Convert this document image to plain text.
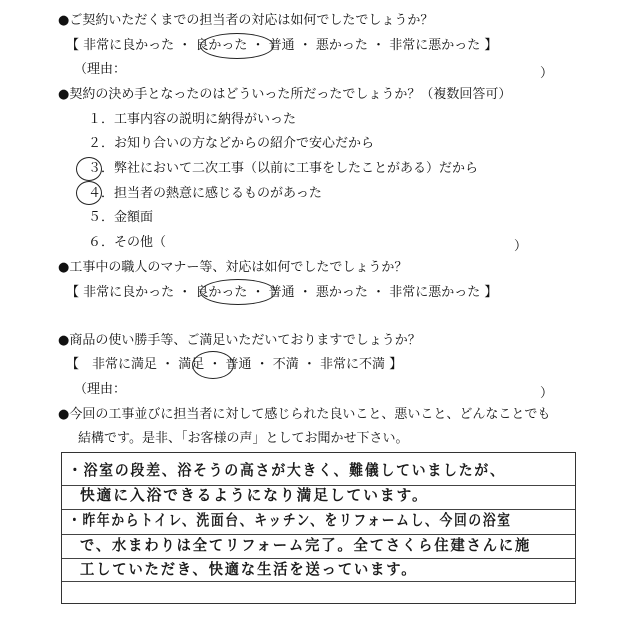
●ご契約いただくまでの担当者の対応は如何でしたでしょうか？
【 非常に良かった ・ 良かった ・ 普通 ・ 悪かった ・ 非常に悪かった 】
（理由：	）
●契約の決め手となったのはどういった所だったでしょうか？（複数回答可）
１．工事内容の説明に納得がいった
２．お知り合いの方などからの紹介で安心だから
３．弊社において二次工事（以前に工事をしたことがある）だから
４．担当者の熱意に感じるものがあった
５．金額面
６．その他（	）
●工事中の職人のマナー等、対応は如何でしたでしょうか？
【 非常に良かった ・ 良かった ・ 普通 ・ 悪かった ・ 非常に悪かった 】
●商品の使い勝手等、ご満足いただいておりますでしょうか？
【　非常に満足 ・ 満足 ・ 普通 ・ 不満 ・ 非常に不満 】
（理由：	）
●今回の工事並びに担当者に対して感じられた良いこと、悪いこと、どんなことでも
結構です。是非、「お客様の声」としてお聞かせ下さい。
・浴室の段差、浴そうの高さが大きく、難儀していましたが、
快適に入浴できるようになり満足しています。
・昨年からトイレ、洗面台、キッチン、をリフォームし、今回の浴室
で、水まわりは全てリフォーム完了。全てさくら住建さんに施
工していただき、快適な生活を送っています。
